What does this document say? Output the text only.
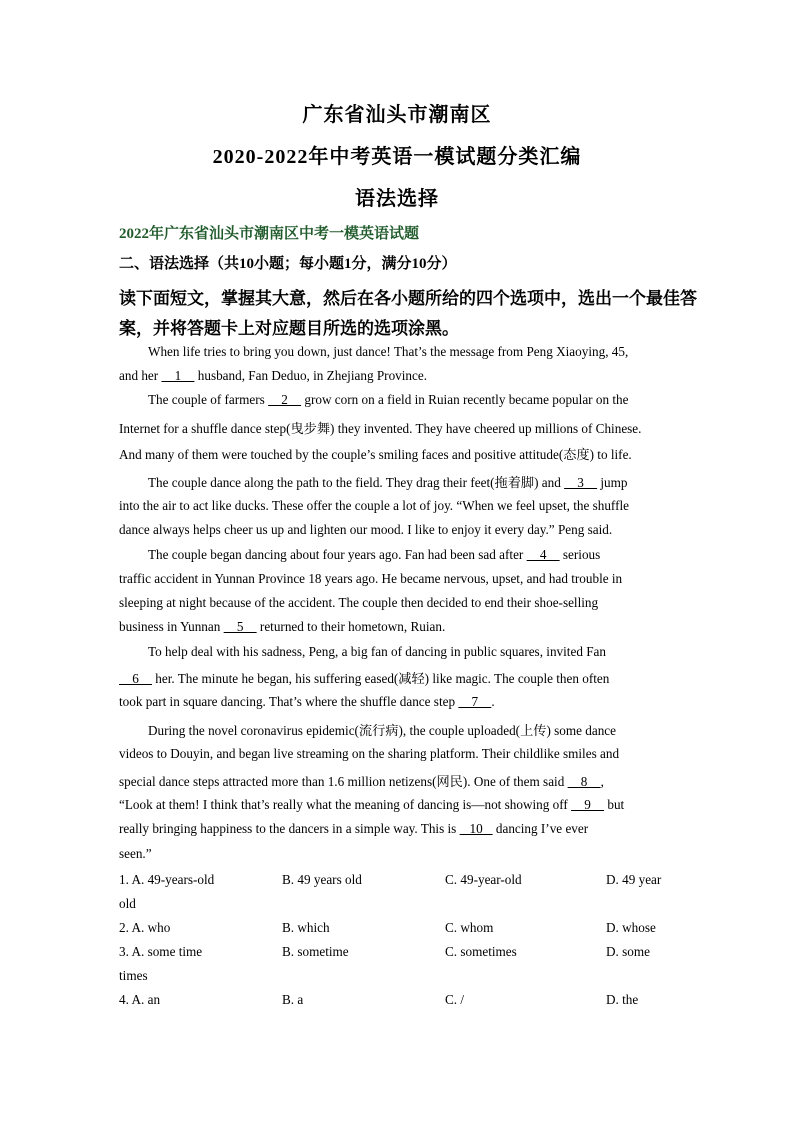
广东省汕头市潮南区
2020-2022年中考英语一模试题分类汇编
语法选择
2022年广东省汕头市潮南区中考一模英语试题
二、语法选择（共10小题；每小题1分，满分10分）
读下面短文，掌握其大意，然后在各小题所给的四个选项中，选出一个最佳答
案，并将答题卡上对应题目所选的选项涂黑。
When life tries to bring you down, just dance! That’s the message from Peng Xiaoying, 45,
and her     1     husband, Fan Deduo, in Zhejiang Province.
The couple of farmers     2     grow corn on a field in Ruian recently became popular on the
Internet for a shuffle dance step(曳步舞) they invented. They have cheered up millions of Chinese.
And many of them were touched by the couple’s smiling faces and positive attitude(态度) to life.
The couple dance along the path to the field. They drag their feet(拖着脚) and     3     jump
into the air to act like ducks. These offer the couple a lot of joy. “When we feel upset, the shuffle
dance always helps cheer us up and lighten our mood. I like to enjoy it every day.” Peng said.
The couple began dancing about four years ago. Fan had been sad after     4     serious
traffic accident in Yunnan Province 18 years ago. He became nervous, upset, and had trouble in
sleeping at night because of the accident. The couple then decided to end their shoe-selling
business in Yunnan     5     returned to their hometown, Ruian.
To help deal with his sadness, Peng, a big fan of dancing in public squares, invited Fan
6     her. The minute he began, his suffering eased(减轻) like magic. The couple then often
took part in square dancing. That’s where the shuffle dance step     7    .
During the novel coronavirus epidemic(流行病), the couple uploaded(上传) some dance
videos to Douyin, and began live streaming on the sharing platform. Their childlike smiles and
special dance steps attracted more than 1.6 million netizens(网民). One of them said     8    ,
“Look at them! I think that’s really what the meaning of dancing is—not showing off     9     but
really bringing happiness to the dancers in a simple way. This is    10    dancing I’ve ever
seen.”
1. A. 49-years-old	B. 49 years old	C. 49-year-old	D. 49 year
old
2. A. who	B. which	C. whom	D. whose
3. A. some time	B. sometime	C. sometimes	D. some
times
4. A. an	B. a	C. /	D. the
